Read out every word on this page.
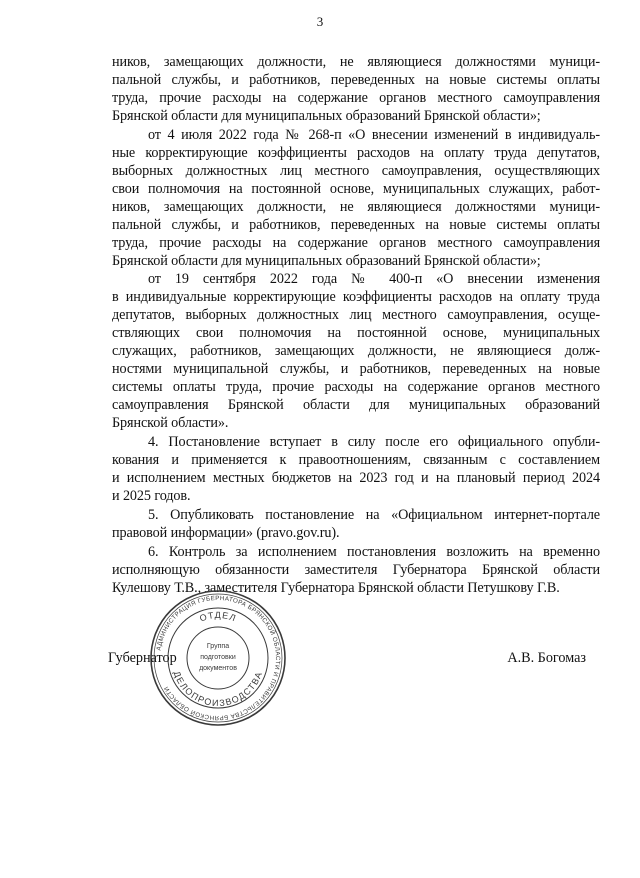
3
ников, замещающих должности, не являющиеся должностями муници-
пальной службы, и работников, переведенных на новые системы оплаты
труда, прочие расходы на содержание органов местного самоуправления
Брянской области для муниципальных образований Брянской области»;
от 4 июля 2022 года № 268-п «О внесении изменений в индивидуаль-
ные корректирующие коэффициенты расходов на оплату труда депутатов,
выборных должностных лиц местного самоуправления, осуществляющих
свои полномочия на постоянной основе, муниципальных служащих, работ-
ников, замещающих должности, не являющиеся должностями муници-
пальной службы, и работников, переведенных на новые системы оплаты
труда, прочие расходы на содержание органов местного самоуправления
Брянской области для муниципальных образований Брянской области»;
от 19 сентября 2022 года № 400-п «О внесении изменения
в индивидуальные корректирующие коэффициенты расходов на оплату труда
депутатов, выборных должностных лиц местного самоуправления, осуще-
ствляющих свои полномочия на постоянной основе, муниципальных
служащих, работников, замещающих должности, не являющиеся долж-
ностями муниципальной службы, и работников, переведенных на новые
системы оплаты труда, прочие расходы на содержание органов местного
самоуправления Брянской области для муниципальных образований
Брянской области».
4. Постановление вступает в силу после его официального опубли-
кования и применяется к правоотношениям, связанным с составлением
и исполнением местных бюджетов на 2023 год и на плановый период 2024
и 2025 годов.
5. Опубликовать постановление на «Официальном интернет-портале
правовой информации» (pravo.gov.ru).
6. Контроль за исполнением постановления возложить на временно
исполняющую обязанности заместителя Губернатора Брянской области
Кулешову Т.В., заместителя Губернатора Брянской области Петушкову Г.В.
АДМИНИСТРАЦИЯ ГУБЕРНАТОРА БРЯНСКОЙ ОБЛАСТИ И ПРАВИТЕЛЬСТВА БРЯНСКОЙ ОБЛАСТИ
ОТДЕЛ
ДЕЛОПРОИЗВОДСТВА
Группа
подготовки
документов
Губернатор	А.В. Богомаз
